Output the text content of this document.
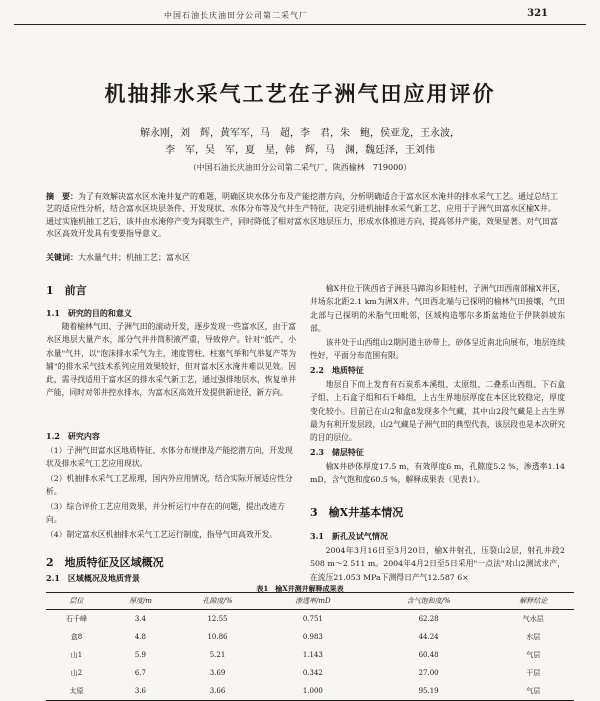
中国石油长庆油田分公司第二采气厂	321
机抽排水采气工艺在子洲气田应用评价
解永刚，刘　辉，黄军军，马　超，李　君，朱　鲍，侯亚龙，王永波，
李　军，吴　军，夏　星，韩　辉，马　渊，魏廷泽，王刘伟
（中国石油长庆油田分公司第二采气厂，陕西榆林　719000）
摘　要：为了有效解决富水区水淹井复产的难题，明确区块水体分布及产能挖潜方向，分析明确适合于富水区水淹井的排水采气工艺。通过总结工艺的适应性分析，结合富水区块层条件、开发现状、水体分布等及气井生产特征，决定引进机抽排水采气新工艺，应用于子洲气田富水区榆X井。通过实施机抽工艺后，该井由水淹停产变为间歇生产，同时降低了相对富水区地层压力，形成水体推进方向，提高邻井产能，效果显著。对气田富水区高效开发具有变要指导意义。
关键词：大水量气井；机抽工艺；富水区
1　前言
1.1　研究的目的和意义
随着榆林气田、子洲气田的滚动开发，逐步发现一些富水区，由于富水区地层大量产水，部分气井井筒积液严重，导致停产。针对"低产、小水量"气井，以"泡沫排水采气为主，速度管柱、柱塞气举和气举复产等为辅"的排水采气技术系列应用效果较好，但对富水区水淹井难以见效。因此，需寻找适用于富水区的排水采气新工艺，通过强排地层水，恢复单井产能，同时对邻井控水排水，为富水区高效开发提供新途径，新方向。
1.2　研究内容
（1）子洲气田富水区地质特征、水体分布规律及产能挖潜方向，开发现状及排水采气工艺应用现状。
（2）机抽排水采气工艺原理，国内外应用情况，结合实际开展适应性分析。
（3）综合评价工艺应用效果，并分析运行中存在的问题，提出改进方向。
（4）制定富水区机抽排水采气工艺运行制度，指导气田高效开发。
2　地质特征及区域概况
2.1　区域概况及地质背景
榆X井位于陕西省子洲县马蹄沟乡阳桂村，子洲气田西南部榆X井区，井场东北距2.1 km为洲X井。气田西北端与已探明的榆林气田接壤，气田北部与已探明的米脂气田毗邻，区域构造鄂尔多斯盆地位于伊陕斜坡东部。
该井处于山西组山2期河道主砂带上，砂体呈近南北向展布，地层连续性好，平面分布范围有限。
2.2　地质特征
地层自下而上发育有石炭系本溪组、太原组、二叠系山西组、下石盒子组、上石盒子组和石千峰组，上古生界地层厚度在本区比较稳定，厚度变化较小。目前已在山2和盒8发现多个气藏，其中山2段气藏是上古生界最为有利开发层段，山2气藏是子洲气田的典型代表，该层段也是本次研究的目的层位。
2.3　储层特征
榆X井砂体厚度17.5 m，有效厚度6 m，孔隙度5.2 %，渗透率1.14 mD，含气饱和度60.5 %，解释成果表（见表1）。
3　榆X井基本情况
3.1　新孔及试气情况
2004年3月16日至3月20日，榆X井射孔，压裂山2层，射孔井段2 508 m～2 511 m。2004年4月2日至5日采用"一点法"对山2测试求产，在流压21.053 MPa下测得日产气12.587 6×
表1　榆X井测井解释成果表
层位	厚度/m	孔隙度/%	渗透率/mD	含气饱和度/%	解释结论
石千峰	3.4	12.55	0.751	62.28	气水层
盒8	4.8	10.86	0.983	44.24	水层
山1	5.9	5.21	1.143	60.48	气层
山2	6.7	3.69	0.342	27.00	干层
太原	3.6	3.66	1.000	95.19	气层
